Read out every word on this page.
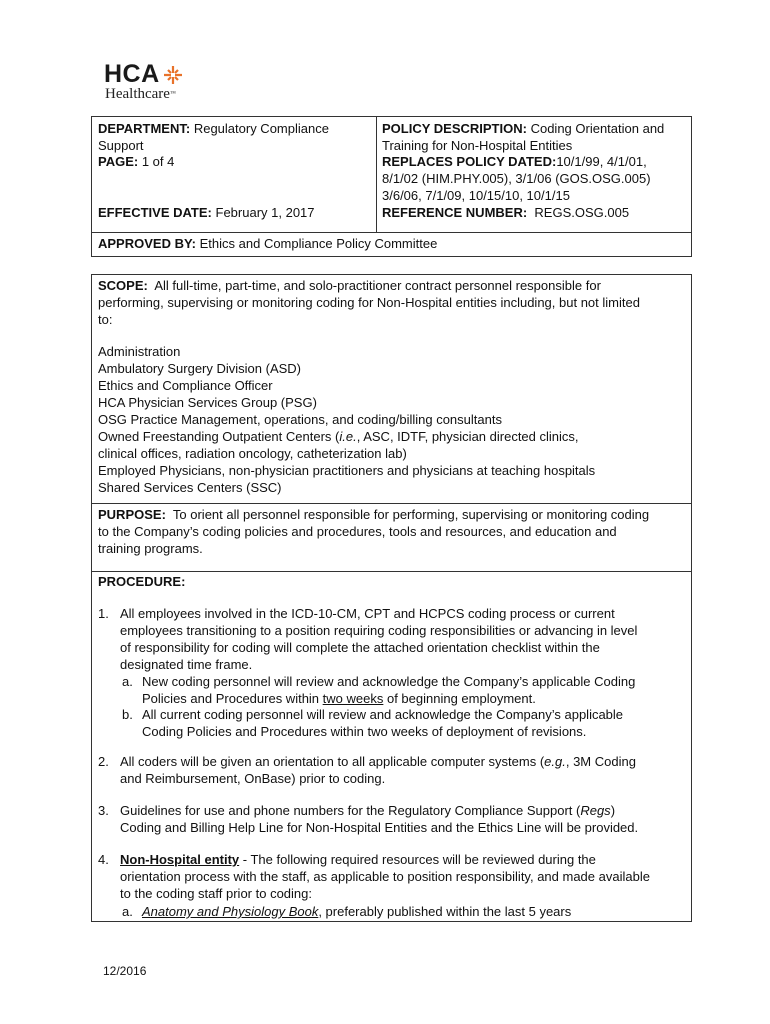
HCA
Healthcare™
DEPARTMENT: Regulatory Compliance
Support
PAGE: 1 of 4
EFFECTIVE DATE: February 1, 2017
POLICY DESCRIPTION: Coding Orientation and
Training for Non-Hospital Entities
REPLACES POLICY DATED:10/1/99, 4/1/01,
8/1/02 (HIM.PHY.005), 3/1/06 (GOS.OSG.005)
3/6/06, 7/1/09, 10/15/10, 10/1/15
REFERENCE NUMBER: REGS.OSG.005
APPROVED BY: Ethics and Compliance Policy Committee
SCOPE: All full-time, part-time, and solo-practitioner contract personnel responsible for
performing, supervising or monitoring coding for Non-Hospital entities including, but not limited
to:
Administration
Ambulatory Surgery Division (ASD)
Ethics and Compliance Officer
HCA Physician Services Group (PSG)
OSG Practice Management, operations, and coding/billing consultants
Owned Freestanding Outpatient Centers (i.e., ASC, IDTF, physician directed clinics,
clinical offices, radiation oncology, catheterization lab)
Employed Physicians, non-physician practitioners and physicians at teaching hospitals
Shared Services Centers (SSC)
PURPOSE: To orient all personnel responsible for performing, supervising or monitoring coding
to the Company’s coding policies and procedures, tools and resources, and education and
training programs.
PROCEDURE:
1. All employees involved in the ICD-10-CM, CPT and HCPCS coding process or current
employees transitioning to a position requiring coding responsibilities or advancing in level
of responsibility for coding will complete the attached orientation checklist within the
designated time frame.
a. New coding personnel will review and acknowledge the Company’s applicable Coding
Policies and Procedures within two weeks of beginning employment.
b. All current coding personnel will review and acknowledge the Company’s applicable
Coding Policies and Procedures within two weeks of deployment of revisions.
2. All coders will be given an orientation to all applicable computer systems (e.g., 3M Coding
and Reimbursement, OnBase) prior to coding.
3. Guidelines for use and phone numbers for the Regulatory Compliance Support (Regs)
Coding and Billing Help Line for Non-Hospital Entities and the Ethics Line will be provided.
4. Non-Hospital entity - The following required resources will be reviewed during the
orientation process with the staff, as applicable to position responsibility, and made available
to the coding staff prior to coding:
a. Anatomy and Physiology Book, preferably published within the last 5 years
12/2016
